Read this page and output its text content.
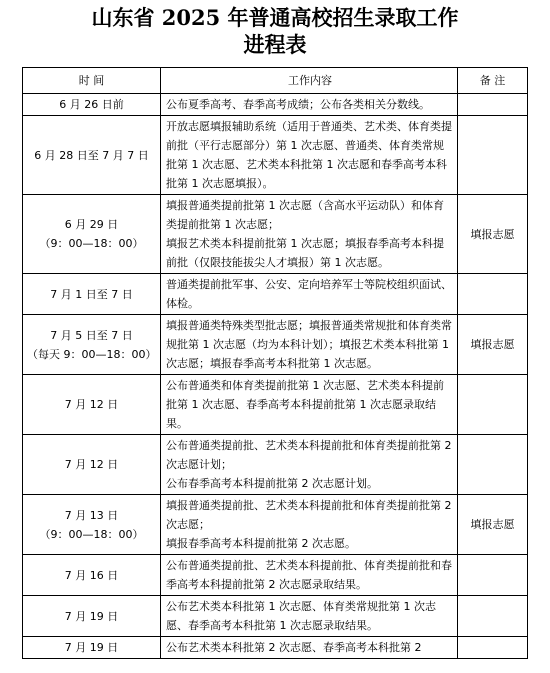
山东省 2025 年普通高校招生录取工作
进程表
时 间	工作内容	备 注

6 月 26 日前	公布夏季高考、春季高考成绩；公布各类相关分数线。	

6 月 28 日至 7 月 7 日	开放志愿填报辅助系统（适用于普通类、艺术类、体育类提前批（平行志愿部分）第 1 次志愿、普通类、体育类常规批第 1 次志愿、艺术类本科批第 1 次志愿和春季高考本科批第 1 次志愿填报）。	

6 月 29 日
（9：00—18：00）	填报普通类提前批第 1 次志愿（含高水平运动队）和体育类提前批第 1 次志愿；
填报艺术类本科提前批第 1 次志愿；填报春季高考本科提前批（仅限技能拔尖人才填报）第 1 次志愿。	填报志愿

7 月 1 日至 7 日	普通类提前批军事、公安、定向培养军士等院校组织面试、体检。	

7 月 5 日至 7 日
（每天 9：00—18：00）	填报普通类特殊类型批志愿；填报普通类常规批和体育类常规批第 1 次志愿（均为本科计划）；填报艺术类本科批第 1 次志愿；填报春季高考本科批第 1 次志愿。	填报志愿

7 月 12 日	公布普通类和体育类提前批第 1 次志愿、艺术类本科提前批第 1 次志愿、春季高考本科提前批第 1 次志愿录取结果。	

7 月 12 日	公布普通类提前批、艺术类本科提前批和体育类提前批第 2 次志愿计划；
公布春季高考本科提前批第 2 次志愿计划。	

7 月 13 日
（9：00—18：00）	填报普通类提前批、艺术类本科提前批和体育类提前批第 2 次志愿；
填报春季高考本科提前批第 2 次志愿。	填报志愿

7 月 16 日	公布普通类提前批、艺术类本科提前批、体育类提前批和春季高考本科提前批第 2 次志愿录取结果。	

7 月 19 日	公布艺术类本科批第 1 次志愿、体育类常规批第 1 次志愿、春季高考本科批第 1 次志愿录取结果。	

7 月 19 日	公布艺术类本科批第 2 次志愿、春季高考本科批第 2	
